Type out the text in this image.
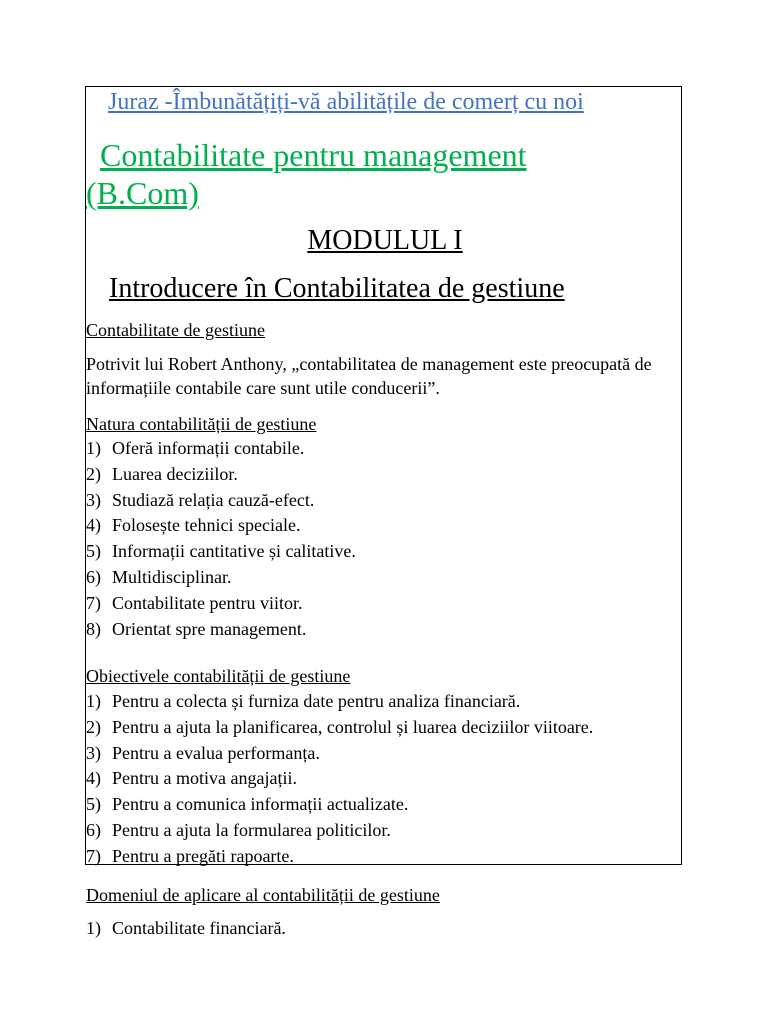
Juraz -Îmbunătățiți-vă abilitățile de comerț cu noi
Contabilitate pentru management
(B.Com)
MODULUL I
Introducere în Contabilitatea de gestiune
Contabilitate de gestiune
Potrivit lui Robert Anthony, „contabilitatea de management este preocupată de informațiile contabile care sunt utile conducerii”.
Natura contabilității de gestiune
1) Oferă informații contabile.
2) Luarea deciziilor.
3) Studiază relația cauză-efect.
4) Folosește tehnici speciale.
5) Informații cantitative și calitative.
6) Multidisciplinar.
7) Contabilitate pentru viitor.
8) Orientat spre management.
Obiectivele contabilității de gestiune
1) Pentru a colecta și furniza date pentru analiza financiară.
2) Pentru a ajuta la planificarea, controlul și luarea deciziilor viitoare.
3) Pentru a evalua performanța.
4) Pentru a motiva angajații.
5) Pentru a comunica informații actualizate.
6) Pentru a ajuta la formularea politicilor.
7) Pentru a pregăti rapoarte.
Domeniul de aplicare al contabilității de gestiune
1) Contabilitate financiară.
